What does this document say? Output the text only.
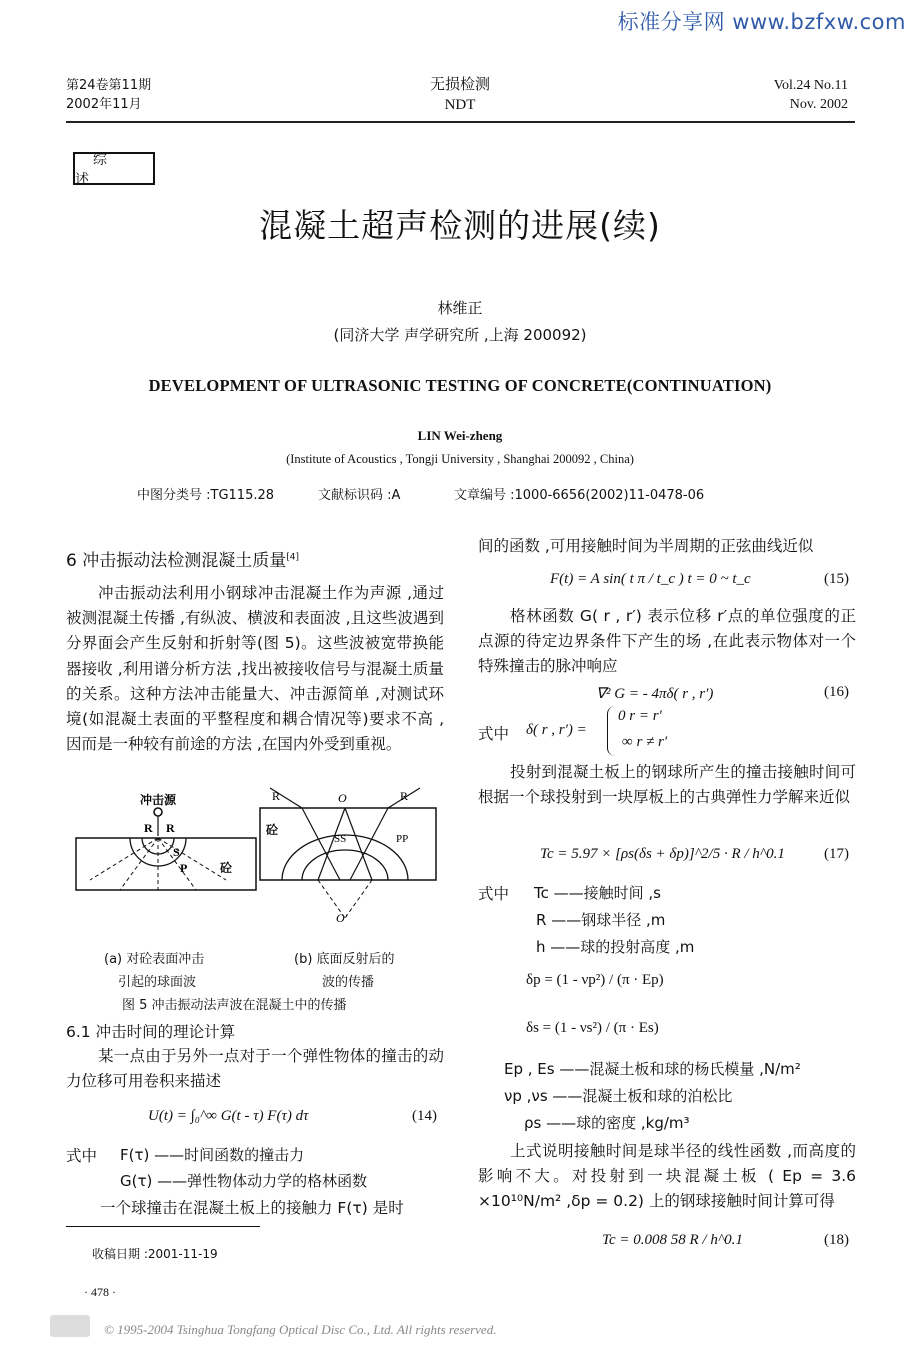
标准分享网 www.bzfxw.com
第24卷第11期
2002年11月
无损检测
NDT
Vol.24 No.11
Nov. 2002
综 述
混凝土超声检测的进展(续)
林维正
(同济大学 声学研究所 ,上海 200092)
DEVELOPMENT OF ULTRASONIC TESTING OF CONCRETE(CONTINUATION)
LIN Wei-zheng
(Institute of Acoustics , Tongji University , Shanghai 200092 , China)
中图分类号 :TG115.28	文献标识码 :A	文章编号 :1000-6656(2002)11-0478-06
6 冲击振动法检测混凝土质量[4]
冲击振动法利用小钢球冲击混凝土作为声源 ,通过被测混凝土传播 ,有纵波、横波和表面波 ,且这些波遇到分界面会产生反射和折射等(图 5)。这些波被宽带换能器接收 ,利用谱分析方法 ,找出被接收信号与混凝土质量的关系。这种方法冲击能量大、冲击源简单 ,对测试环境(如混凝土表面的平整程度和耦合情况等)要求不高 ,因而是一种较有前途的方法 ,在国内外受到重视。
冲击源
R R
S
P	砼
R	O	R
砼
SS	PP
O'
(a) 对砼表面冲击
引起的球面波
(b) 底面反射后的
波的传播
图 5 冲击振动法声波在混凝土中的传播
6.1 冲击时间的理论计算
某一点由于另外一点对于一个弹性物体的撞击的动力位移可用卷积来描述
U(t) = ∫₀^∞ G(t - τ) F(τ) dτ	(14)
式中 F(τ) ——时间函数的撞击力
G(τ) ——弹性物体动力学的格林函数
一个球撞击在混凝土板上的接触力 F(τ) 是时
收稿日期 :2001-11-19
· 478 ·
间的函数 ,可用接触时间为半周期的正弦曲线近似
F(t) = A sin( t π / t_c ) t = 0 ~ t_c	(15)
格林函数 G( r , r′) 表示位移 r′点的单位强度的正点源的待定边界条件下产生的场 ,在此表示物体对一个特殊撞击的脉冲响应
∇² G = - 4πδ( r , r′)	(16)
式中 δ( r , r′) =
0 r = r′
∞ r ≠ r′
投射到混凝土板上的钢球所产生的撞击接触时间可根据一个球投射到一块厚板上的古典弹性力学解来近似
Tc = 5.97 × [ρs(δs + δp)]^2/5 · R / h^0.1	(17)
式中 Tc ——接触时间 ,s
R ——钢球半径 ,m
h ——球的投射高度 ,m
δp = (1 - νp²) / (π · Ep)
δs = (1 - νs²) / (π · Es)
Ep , Es ——混凝土板和球的杨氏模量 ,N/m²
νp ,νs ——混凝土板和球的泊松比
ρs ——球的密度 ,kg/m³
上式说明接触时间是球半径的线性函数 ,而高度的影响不大。对投射到一块混凝土板 ( Ep = 3.6 ×10¹⁰N/m² ,δp = 0.2) 上的钢球接触时间计算可得
Tc = 0.008 58 R / h^0.1	(18)
© 1995-2004 Tsinghua Tongfang Optical Disc Co., Ltd. All rights reserved.
